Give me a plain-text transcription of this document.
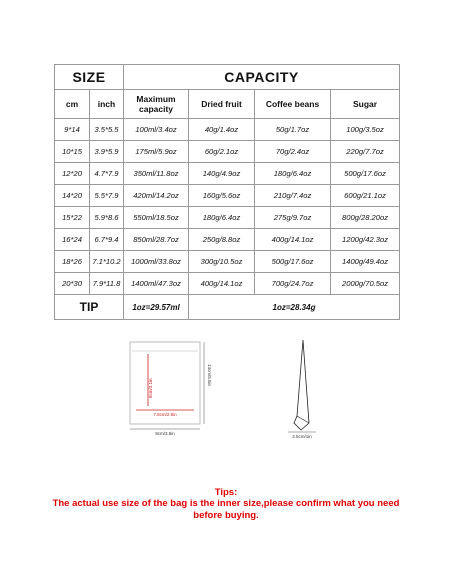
SIZE		CAPACITY			
cm	inch	Maximum capacity	Dried fruit	Coffee beans	Sugar
9*14	3.5*5.5	100ml/3.4oz	40g/1.4oz	50g/1.7oz	100g/3.5oz
10*15	3.9*5.9	175ml/5.9oz	60g/2.1oz	70g/2.4oz	220g/7.7oz
12*20	4.7*7.9	350ml/11.8oz	140g/4.9oz	180g/6.4oz	500g/17.6oz
14*20	5.5*7.9	420ml/14.2oz	160g/5.6oz	210g/7.4oz	600g/21.1oz
15*22	5.9*8.6	550ml/18.5oz	180g/6.4oz	275g/9.7oz	800g/28.20oz
16*24	6.7*9.4	850ml/28.7oz	250g/8.8oz	400g/14.1oz	1200g/42.3oz
18*26	7.1*10.2	1000ml/33.8oz	300g/10.5oz	500g/17.6oz	1400g/49.4oz
20*30	7.9*11.8	1400ml/47.3oz	400g/14.1oz	700g/24.7oz	2000g/70.5oz
TIP		1oz=29.57ml	1oz=28.34g		
8cm/3.1in
7.5cm/2.9in
9cm/3.5in
14cm/5.5in
2.5cm/1in
Tips:
The actual use size of the bag is the inner size,please confirm what you need before buying.
